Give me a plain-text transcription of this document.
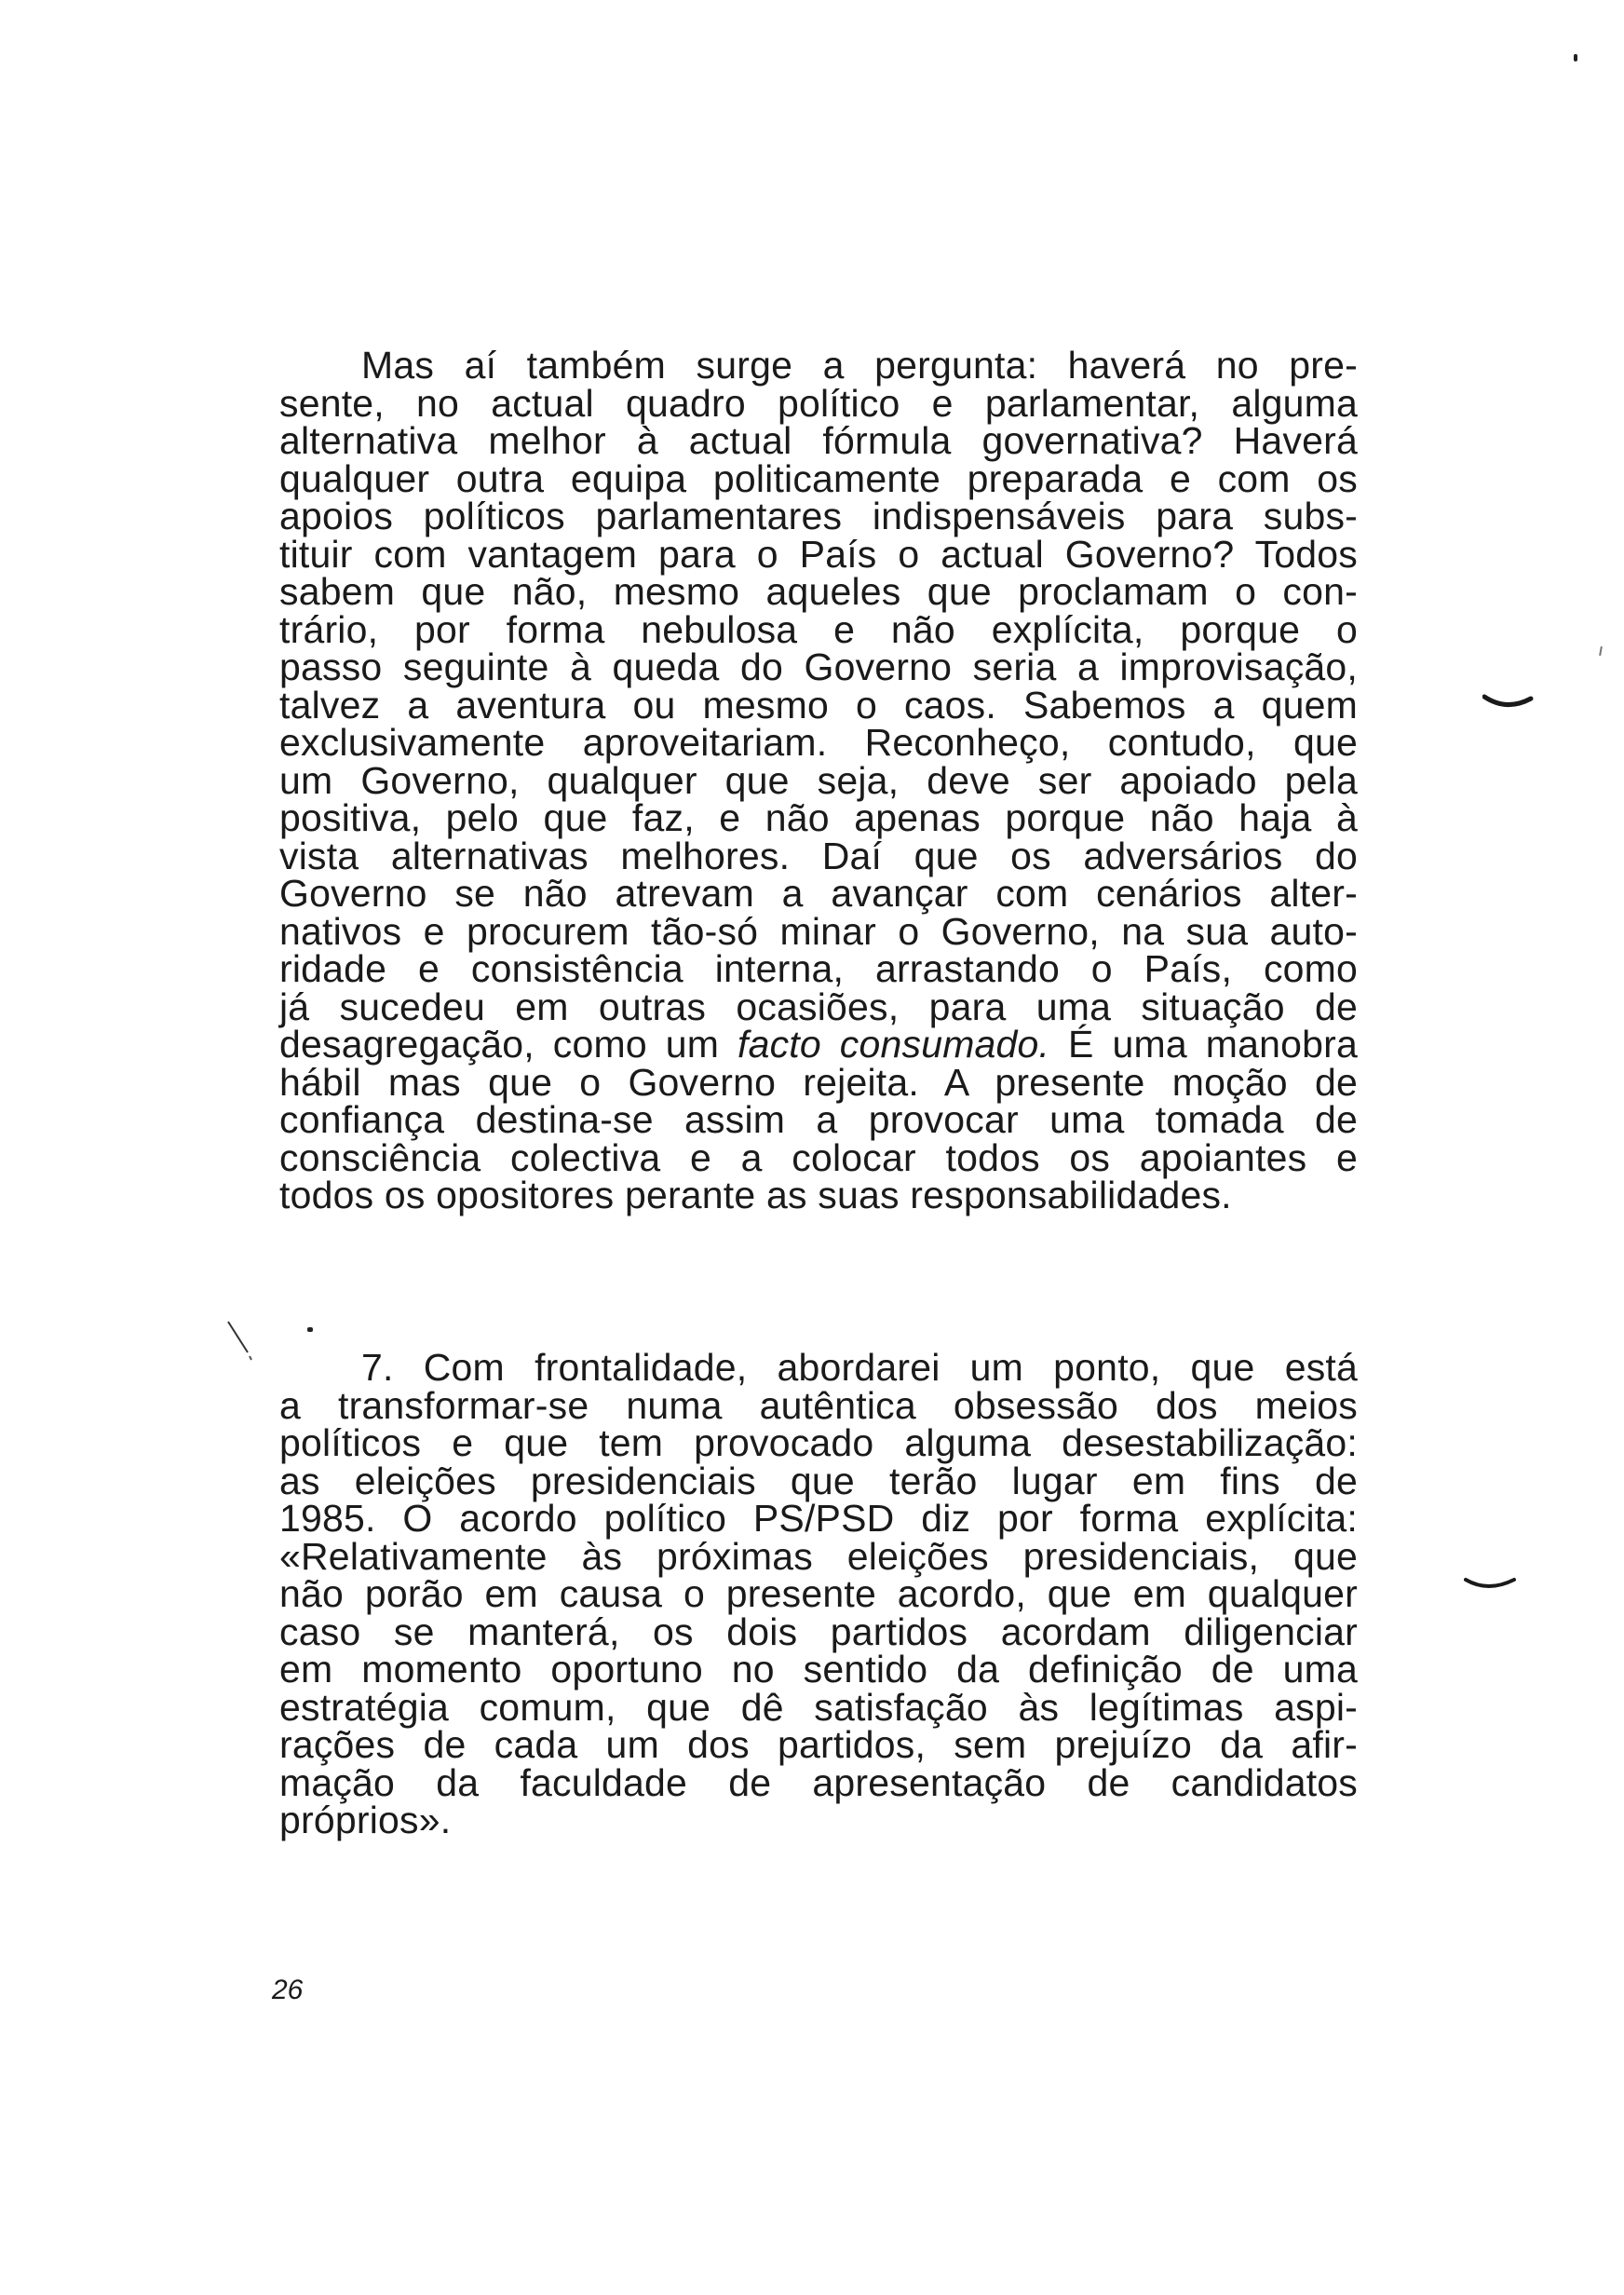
Mas aí também surge a pergunta: haverá no pre-
sente, no actual quadro político e parlamentar, alguma
alternativa melhor à actual fórmula governativa? Haverá
qualquer outra equipa politicamente preparada e com os
apoios políticos parlamentares indispensáveis para subs-
tituir com vantagem para o País o actual Governo? Todos
sabem que não, mesmo aqueles que proclamam o con-
trário, por forma nebulosa e não explícita, porque o
passo seguinte à queda do Governo seria a improvisação,
talvez a aventura ou mesmo o caos. Sabemos a quem
exclusivamente aproveitariam. Reconheço, contudo, que
um Governo, qualquer que seja, deve ser apoiado pela
positiva, pelo que faz, e não apenas porque não haja à
vista alternativas melhores. Daí que os adversários do
Governo se não atrevam a avançar com cenários alter-
nativos e procurem tão-só minar o Governo, na sua auto-
ridade e consistência interna, arrastando o País, como
já sucedeu em outras ocasiões, para uma situação de
desagregação, como um facto consumado. É uma manobra
hábil mas que o Governo rejeita. A presente moção de
confiança destina-se assim a provocar uma tomada de
consciência colectiva e a colocar todos os apoiantes e
todos os opositores perante as suas responsabilidades.
7. Com frontalidade, abordarei um ponto, que está
a transformar-se numa autêntica obsessão dos meios
políticos e que tem provocado alguma desestabilização:
as eleições presidenciais que terão lugar em fins de
1985. O acordo político PS/PSD diz por forma explícita:
«Relativamente às próximas eleições presidenciais, que
não porão em causa o presente acordo, que em qualquer
caso se manterá, os dois partidos acordam diligenciar
em momento oportuno no sentido da definição de uma
estratégia comum, que dê satisfação às legítimas aspi-
rações de cada um dos partidos, sem prejuízo da afir-
mação da faculdade de apresentação de candidatos
próprios».
26
